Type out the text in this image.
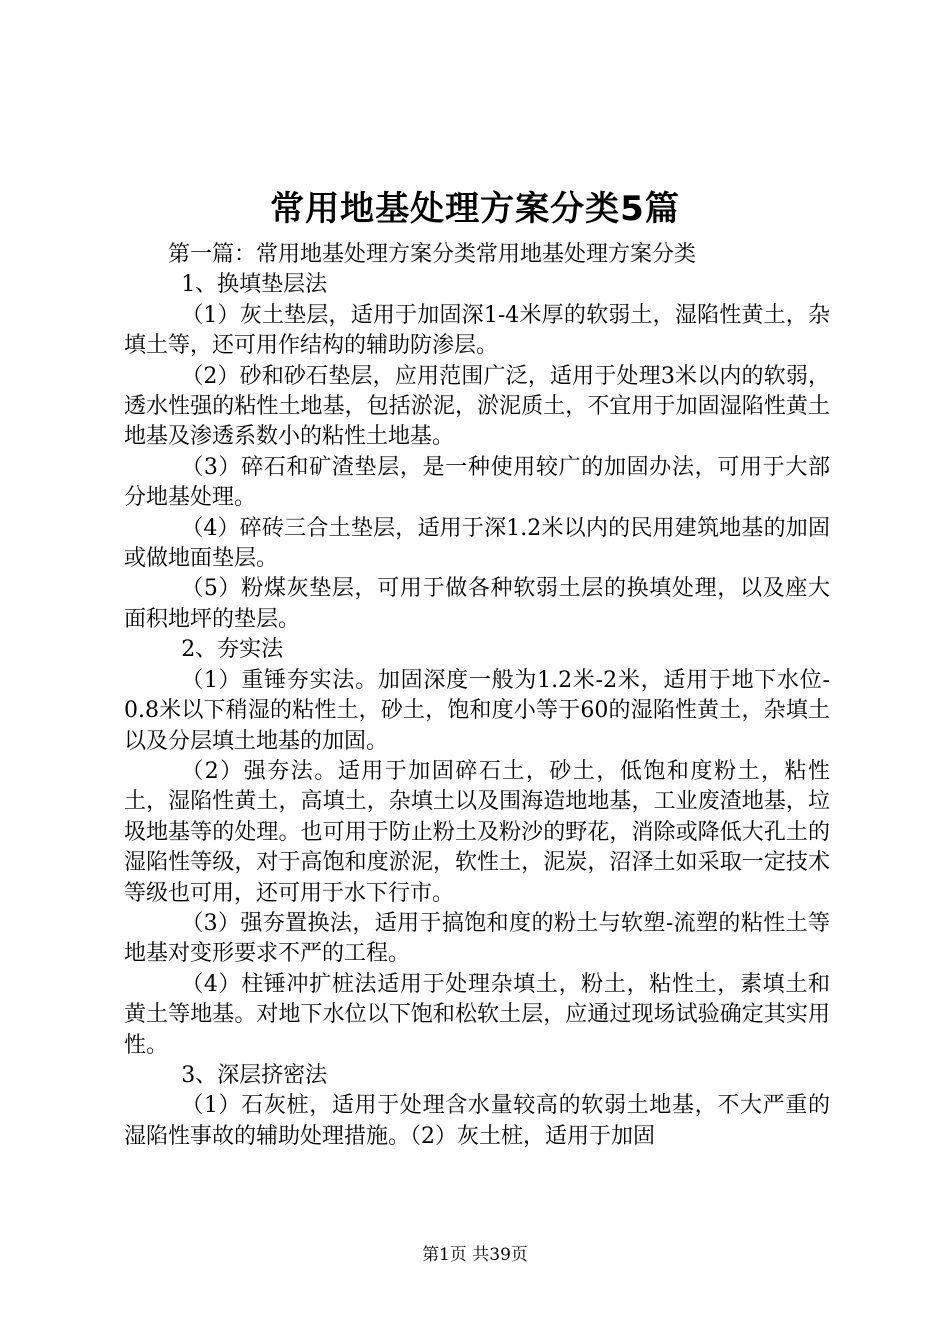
常用地基处理方案分类5篇

第一篇：常用地基处理方案分类常用地基处理方案分类

1、换填垫层法

（1）灰土垫层，适用于加固深1-4米厚的软弱土，湿陷性黄土，杂填土等，还可用作结构的辅助防渗层。

（2）砂和砂石垫层，应用范围广泛，适用于处理3米以内的软弱，透水性强的粘性土地基，包括淤泥，淤泥质土，不宜用于加固湿陷性黄土地基及渗透系数小的粘性土地基。

（3）碎石和矿渣垫层，是一种使用较广的加固办法，可用于大部分地基处理。

（4）碎砖三合土垫层，适用于深1.2米以内的民用建筑地基的加固或做地面垫层。

（5）粉煤灰垫层，可用于做各种软弱土层的换填处理，以及座大面积地坪的垫层。

2、夯实法

（1）重锤夯实法。加固深度一般为1.2米-2米，适用于地下水位-0.8米以下稍湿的粘性土，砂土，饱和度小等于60的湿陷性黄土，杂填土以及分层填土地基的加固。

（2）强夯法。适用于加固碎石土，砂土，低饱和度粉土，粘性土，湿陷性黄土，高填土，杂填土以及围海造地地基，工业废渣地基，垃圾地基等的处理。也可用于防止粉土及粉沙的野花，消除或降低大孔土的湿陷性等级，对于高饱和度淤泥，软性土，泥炭，沼泽土如采取一定技术等级也可用，还可用于水下行市。

（3）强夯置换法，适用于搞饱和度的粉土与软塑-流塑的粘性土等地基对变形要求不严的工程。

（4）柱锤冲扩桩法适用于处理杂填土，粉土，粘性土，素填土和黄土等地基。对地下水位以下饱和松软土层，应通过现场试验确定其实用性。

3、深层挤密法

（1）石灰桩，适用于处理含水量较高的软弱土地基，不大严重的湿陷性事故的辅助处理措施。（2）灰土桩，适用于加固

第1页 共39页
